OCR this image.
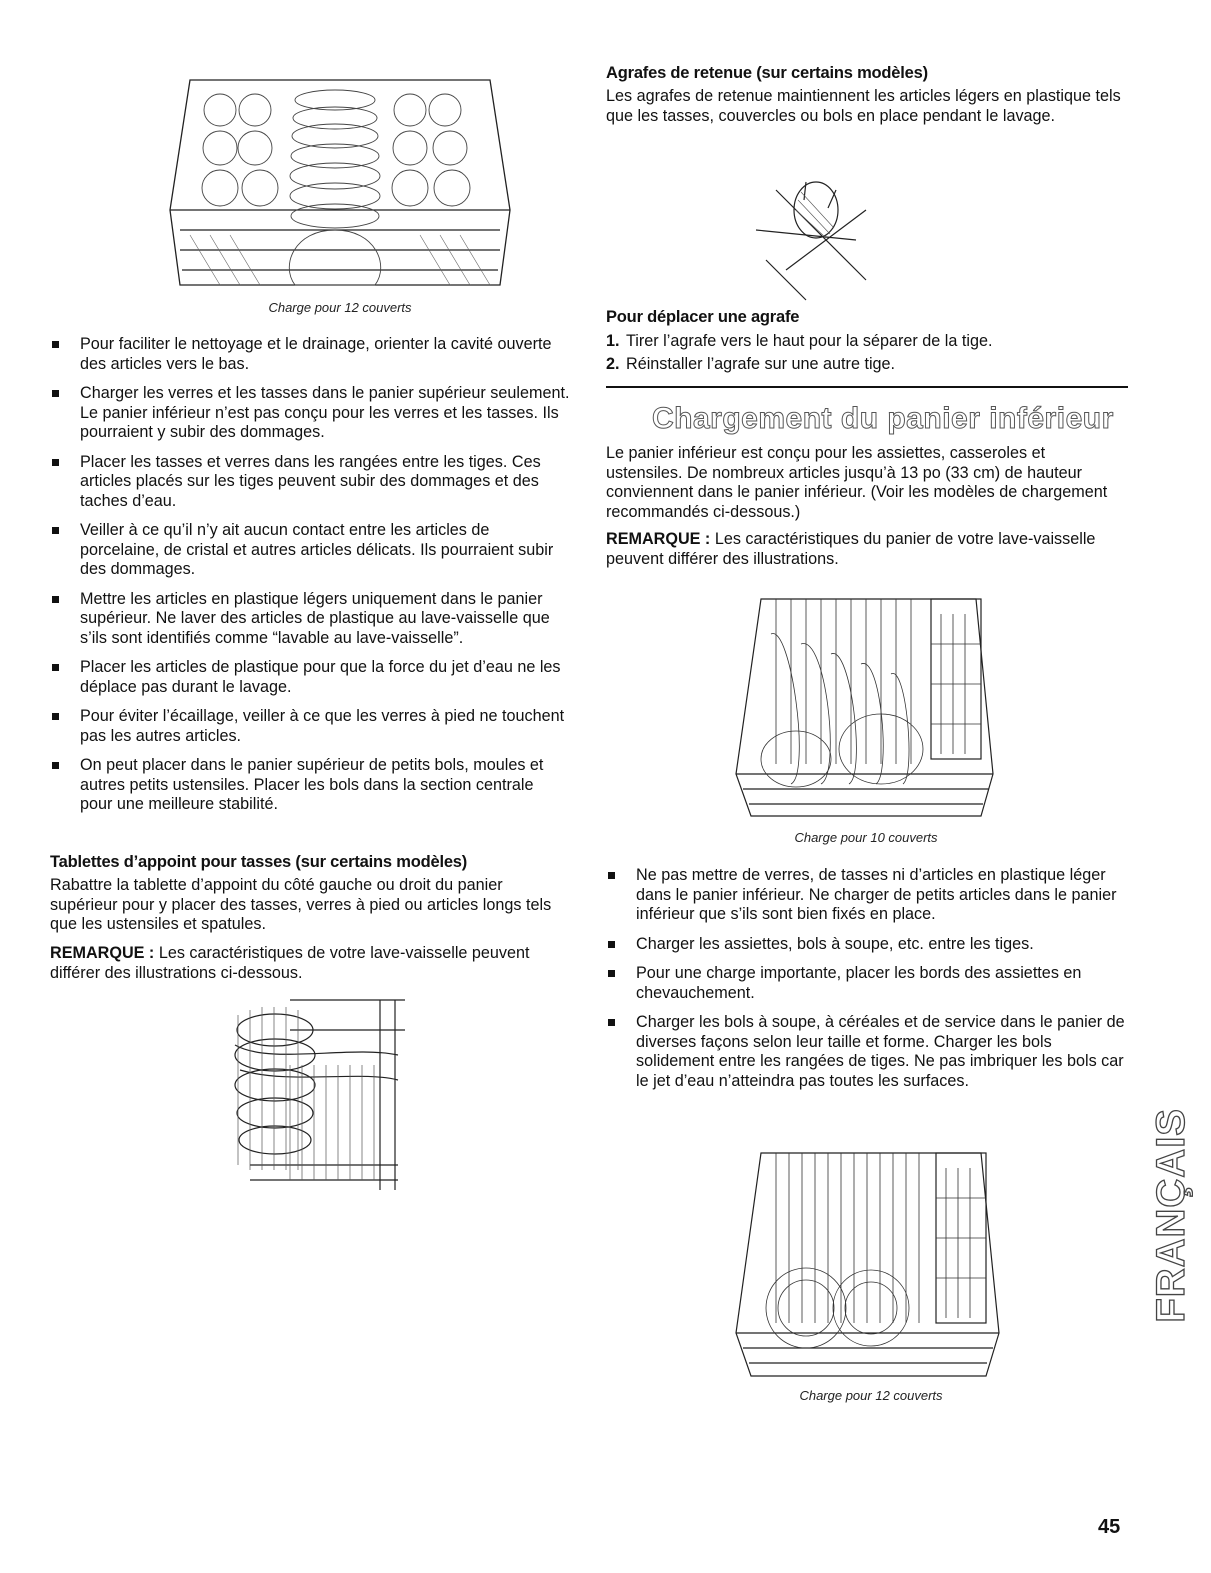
Charge pour 12 couverts
Pour faciliter le nettoyage et le drainage, orienter la cavité ouverte des articles vers le bas.
Charger les verres et les tasses dans le panier supérieur seulement. Le panier inférieur n’est pas conçu pour les verres et les tasses. Ils pourraient y subir des dommages.
Placer les tasses et verres dans les rangées entre les tiges. Ces articles placés sur les tiges peuvent subir des dommages et des taches d’eau.
Veiller à ce qu’il n’y ait aucun contact entre les articles de porcelaine, de cristal et autres articles délicats. Ils pourraient subir des dommages.
Mettre les articles en plastique légers uniquement dans le panier supérieur. Ne laver des articles de plastique au lave-vaisselle que s’ils sont identifiés comme “lavable au lave-vaisselle”.
Placer les articles de plastique pour que la force du jet d’eau ne les déplace pas durant le lavage.
Pour éviter l’écaillage, veiller à ce que les verres à pied ne touchent pas les autres articles.
On peut placer dans le panier supérieur de petits bols, moules et autres petits ustensiles. Placer les bols dans la section centrale pour une meilleure stabilité.
Tablettes d’appoint pour tasses (sur certains modèles)

Rabattre la tablette d’appoint du côté gauche ou droit du panier supérieur pour y placer des tasses, verres à pied ou articles longs tels que les ustensiles et spatules.

REMARQUE : Les caractéristiques de votre lave-vaisselle peuvent différer des illustrations ci-dessous.

Agrafes de retenue (sur certains modèles)

Les agrafes de retenue maintiennent les articles légers en plastique tels que les tasses, couvercles ou bols en place pendant le lavage.

Pour déplacer une agrafe
1. Tirer l’agrafe vers le haut pour la séparer de la tige.
2. Réinstaller l’agrafe sur une autre tige.
Chargement du panier inférieur

Le panier inférieur est conçu pour les assiettes, casseroles et ustensiles. De nombreux articles jusqu’à 13 po (33 cm) de hauteur conviennent dans le panier inférieur. (Voir les modèles de chargement recommandés ci-dessous.)

REMARQUE : Les caractéristiques du panier de votre lave-vaisselle peuvent différer des illustrations.

Charge pour 10 couverts
Ne pas mettre de verres, de tasses ni d’articles en plastique léger dans le panier inférieur. Ne charger de petits articles dans le panier inférieur que s’ils sont bien fixés en place.
Charger les assiettes, bols à soupe, etc. entre les tiges.
Pour une charge importante, placer les bords des assiettes en chevauchement.
Charger les bols à soupe, à céréales et de service dans le panier de diverses façons selon leur taille et forme. Charger les bols solidement entre les rangées de tiges. Ne pas imbriquer les bols car le jet d’eau n’atteindra pas toutes les surfaces.
Charge pour 12 couverts
FRANÇAIS
45
